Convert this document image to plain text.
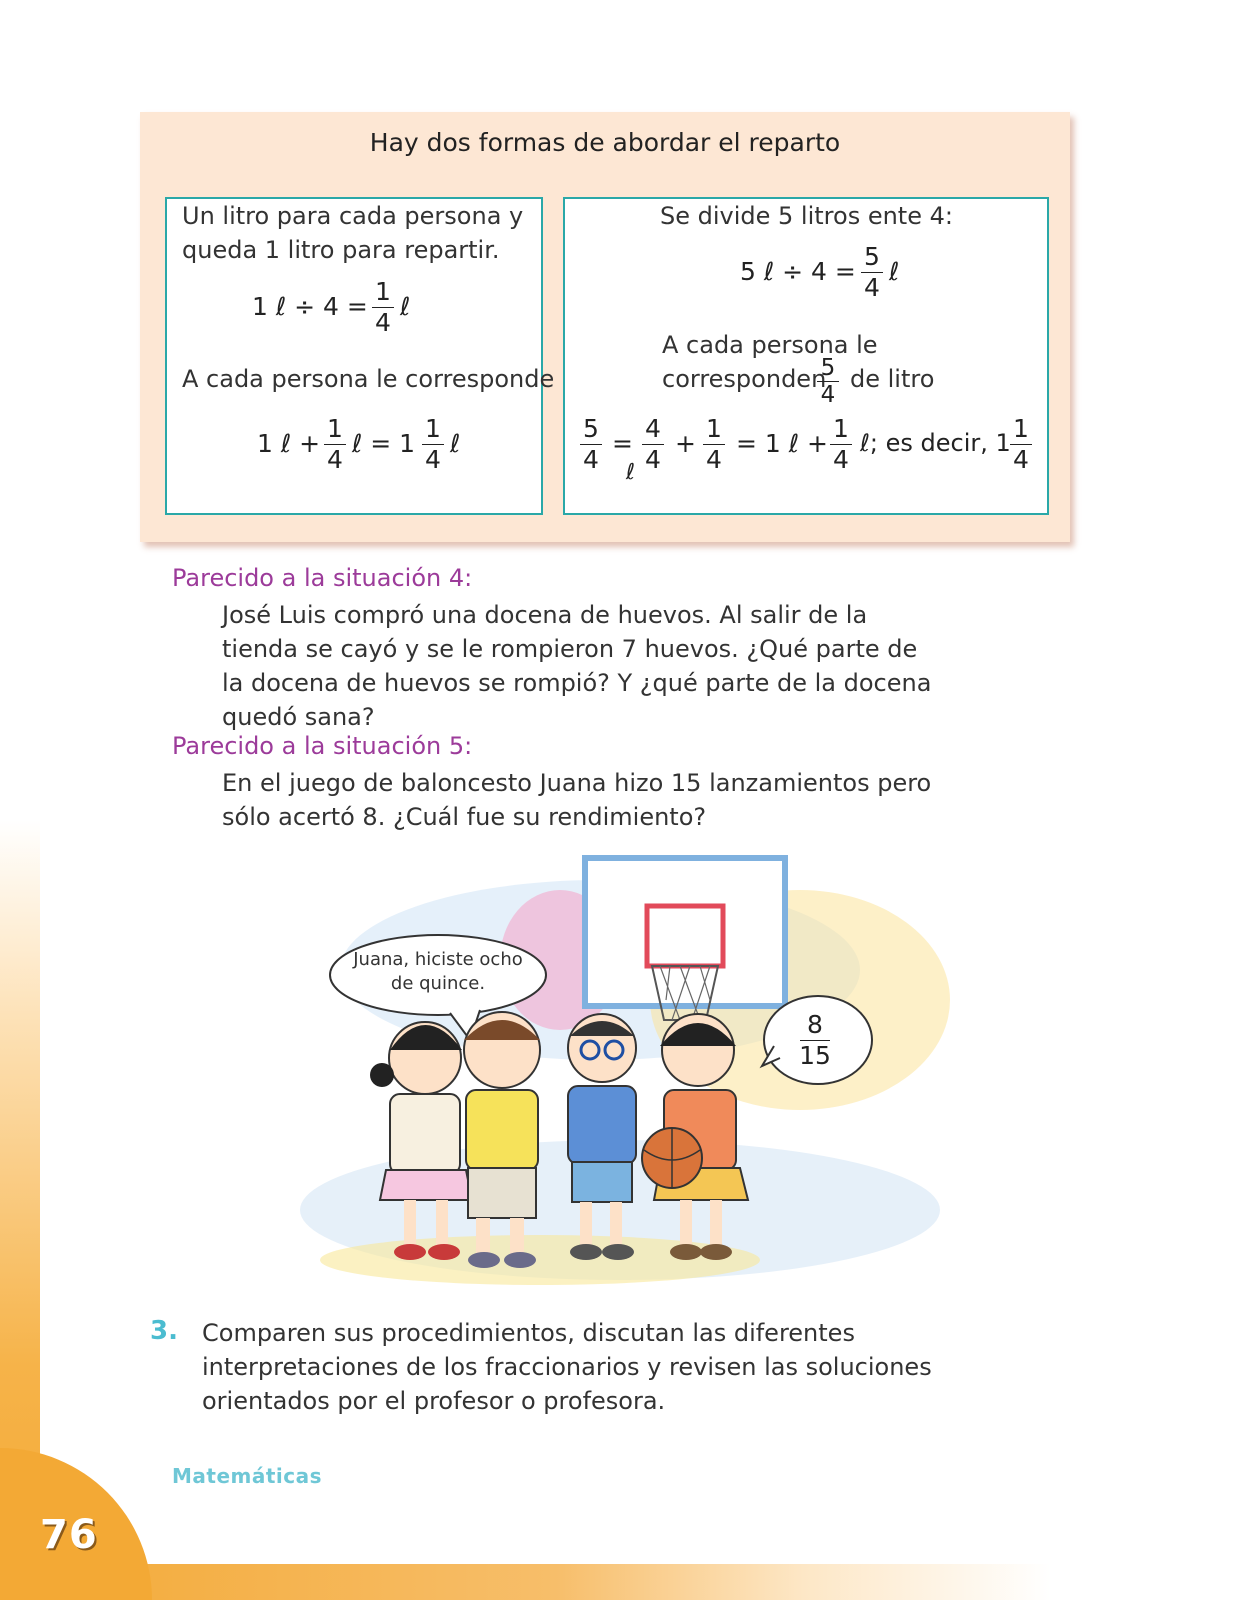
76
Matemáticas
Hay dos formas de abordar el reparto
Un litro para cada persona y
queda 1 litro para repartir.
1 ℓ ÷ 4 =
1
4
ℓ
A cada persona le corresponde
1 ℓ +
1
4
ℓ = 1
1
4
ℓ
Se divide 5 litros ente 4:
5 ℓ ÷ 4 =
5
4
ℓ
A cada persona le
corresponden
5
4
de litro
5
4
=
4
4
ℓ
+
1
4
= 1 ℓ +
1
4
ℓ; es decir, 1 1
4
Parecido a la situación 4:
José Luis compró una docena de huevos. Al salir de la tienda se cayó y se le rompieron 7 huevos. ¿Qué parte de la docena de huevos se rompió? Y ¿qué parte de la docena quedó sana?
Parecido a la situación 5:
En el juego de baloncesto Juana hizo 15 lanzamientos pero sólo acertó 8. ¿Cuál fue su rendimiento?
Juana, hiciste ocho
de quince.
8
15
3. Comparen sus procedimientos, discutan las diferentes interpretaciones de los fraccionarios y revisen las soluciones orientados por el profesor o profesora.
